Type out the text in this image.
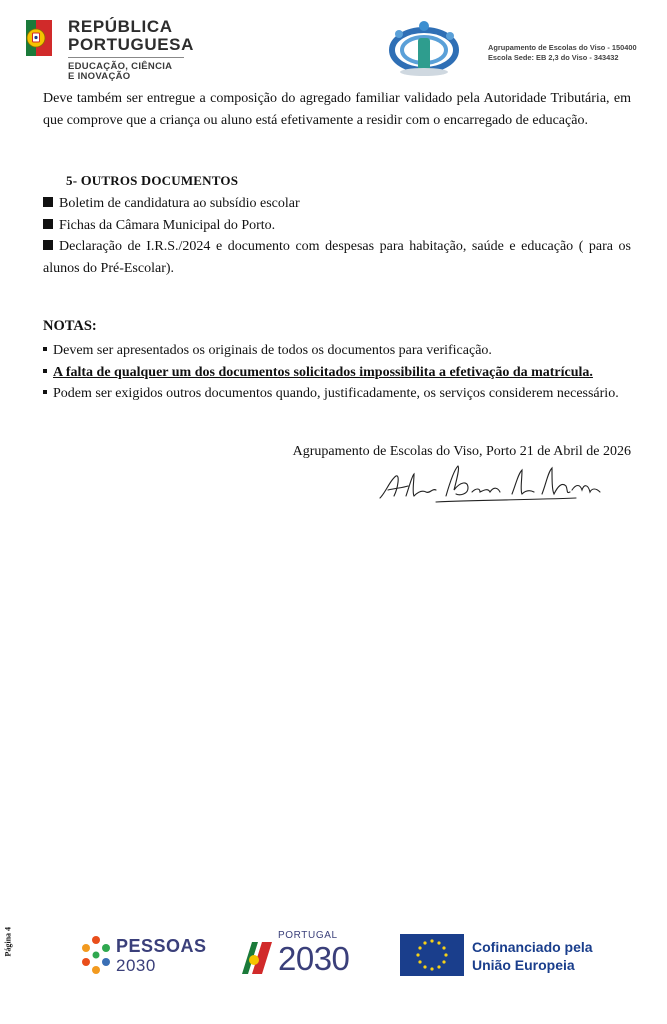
REPÚBLICA
PORTUGUESA
EDUCAÇÃO, CIÊNCIA
E INOVAÇÃO
Agrupamento de Escolas do Viso - 150400
Escola Sede: EB 2,3 do Viso - 343432

Deve também ser entregue a composição do agregado familiar validado pela Autoridade Tributária, em que comprove que a criança ou aluno está efetivamente a residir com o encarregado de educação.

5- OUTROS DOCUMENTOS
Boletim de candidatura ao subsídio escolar
Fichas da Câmara Municipal do Porto.
Declaração de I.R.S./2024 e documento com despesas para habitação, saúde e educação ( para os alunos do Pré-Escolar).
NOTAS:
Devem ser apresentados os originais de todos os documentos para verificação.
A falta de qualquer um dos documentos solicitados impossibilita a efetivação da matrícula.
Podem ser exigidos outros documentos quando, justificadamente, os serviços considerem necessário.
Agrupamento de Escolas do Viso, Porto 21 de Abril de 2026
Página 4	PESSOAS
2030
PORTUGAL
2030	Cofinanciado pela
União Europeia
